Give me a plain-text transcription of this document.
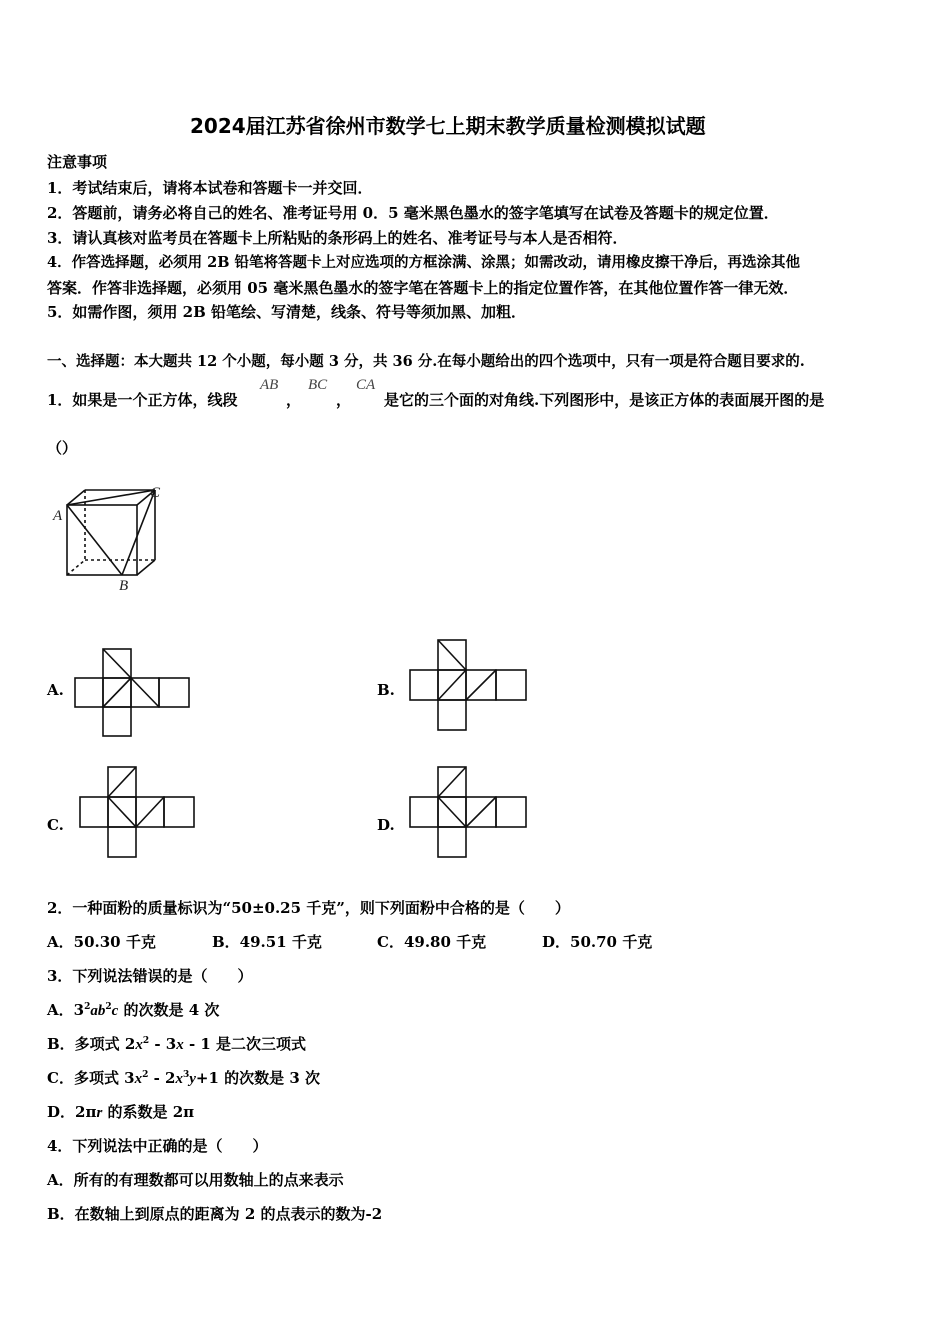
2024届江苏省徐州市数学七上期末教学质量检测模拟试题
注意事项
1．考试结束后，请将本试卷和答题卡一并交回．
2．答题前，请务必将自己的姓名、准考证号用 0．5 毫米黑色墨水的签字笔填写在试卷及答题卡的规定位置．
3．请认真核对监考员在答题卡上所粘贴的条形码上的姓名、准考证号与本人是否相符．
4．作答选择题，必须用 2B 铅笔将答题卡上对应选项的方框涂满、涂黑；如需改动，请用橡皮擦干净后，再选涂其他
答案．作答非选择题，必须用 05 毫米黑色墨水的签字笔在答题卡上的指定位置作答，在其他位置作答一律无效．
5．如需作图，须用 2B 铅笔绘、写清楚，线条、符号等须加黑、加粗．
一、选择题：本大题共 12 个小题，每小题 3 分，共 36 分.在每小题给出的四个选项中，只有一项是符合题目要求的.
1．如果是一个正方体，线段
AB
，
BC
，
CA
是它的三个面的对角线.下列图形中，是该正方体的表面展开图的是
（）
A
B
C
A.	B.
C.	D.
2．一种面粉的质量标识为“50±0.25 千克”，则下列面粉中合格的是（　　）
A．50.30 千克	B．49.51 千克	C．49.80 千克	D．50.70 千克
3．下列说法错误的是（　　）
A．$3^2ab^2c$ 的次数是 4 次
B．多项式 $2x^2 - 3x - 1$ 是二次三项式
C．多项式 $3x^2 - 2x^3y+1$ 的次数是 3 次
D．2πr 的系数是 2π
4．下列说法中正确的是（　　）
A．所有的有理数都可以用数轴上的点来表示
B．在数轴上到原点的距离为 2 的点表示的数为-2
